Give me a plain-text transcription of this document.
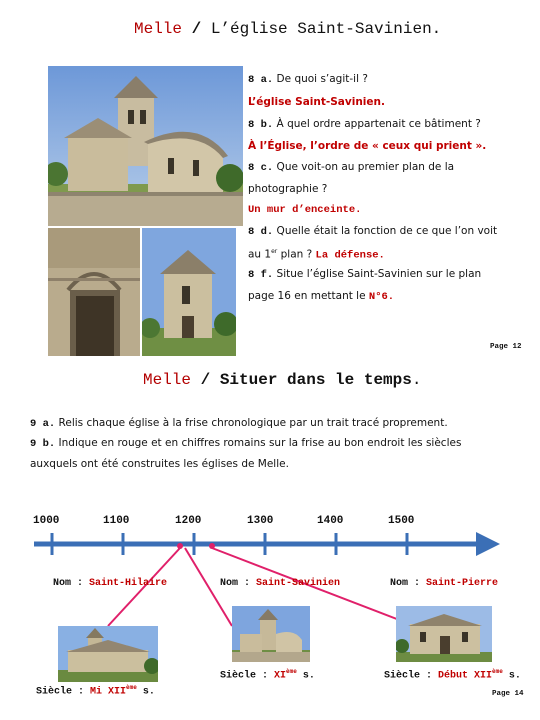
Melle / L’église Saint-Savinien.
8 a. De quoi s’agit-il ?
L’église Saint-Savinien.
8 b. À quel ordre appartenait ce bâtiment ?
À l’Église, l’ordre de « ceux qui prient ».
8 c. Que voit-on au premier plan de la
photographie ?
Un mur d’enceinte.
8 d. Quelle était la fonction de ce que l’on voit
au 1er plan ? La défense.
8 f. Situe l’église Saint-Savinien sur le plan
page 16 en mettant le N°6.
Page 12
Melle / Situer dans le temps.
9 a. Relis chaque église à la frise chronologique par un trait tracé proprement.
9 b. Indique en rouge et en chiffres romains sur la frise au bon endroit les siècles
auxquels ont été construites les églises de Melle.
1000	1100	1200	1300	1400	1500
Nom : Saint-Hilaire	Nom : Saint-Savinien	Nom : Saint-Pierre
Siècle : Mi XIIème s.
Siècle : XIème s.	Siècle : Début XIIème s.
Page 14
